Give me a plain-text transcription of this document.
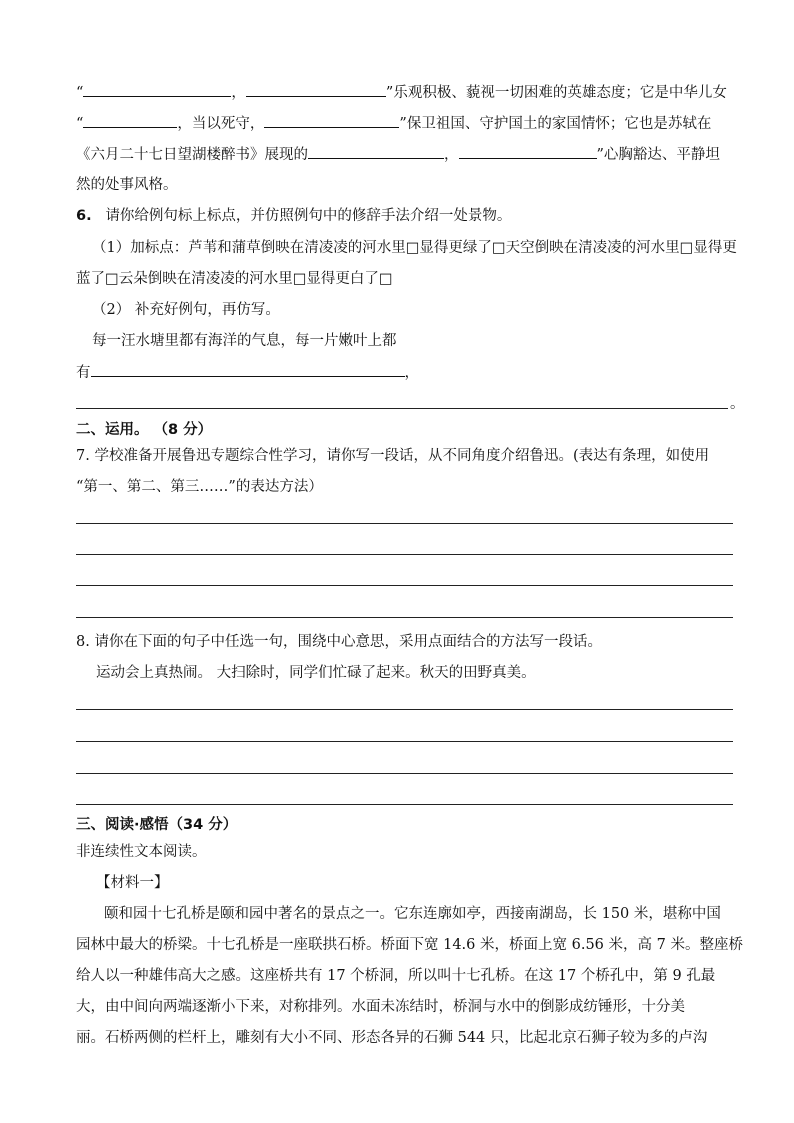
“	，	”乐观积极、藐视一切困难的英雄态度；它是中华儿女
“	，当以死守，	”保卫祖国、守护国土的家国情怀；它也是苏轼在
《六月二十七日望湖楼醉书》展现的	，	”心胸豁达、平静坦
然的处事风格。
6. 请你给例句标上标点，并仿照例句中的修辞手法介绍一处景物。
（1）加标点：芦苇和蒲草倒映在清凌凌的河水里□显得更绿了□天空倒映在清凌凌的河水里□显得更
蓝了□云朵倒映在清凌凌的河水里□显得更白了□
（2） 补充好例句，再仿写。
每一汪水塘里都有海洋的气息，每一片嫩叶上都
有	，
。
二、运用。 （8 分）
7. 学校准备开展鲁迅专题综合性学习，请你写一段话，从不同角度介绍鲁迅。(表达有条理，如使用
“第一、第二、第三……”的表达方法）
8. 请你在下面的句子中任选一句，围绕中心意思，采用点面结合的方法写一段话。
运动会上真热闹。 大扫除时，同学们忙碌了起来。秋天的田野真美。
三、阅读·感悟（34 分）
非连续性文本阅读。
【材料一】
颐和园十七孔桥是颐和园中著名的景点之一。它东连廓如亭，西接南湖岛，长 150 米，堪称中国
园林中最大的桥梁。十七孔桥是一座联拱石桥。桥面下宽 14.6 米，桥面上宽 6.56 米，高 7 米。整座桥
给人以一种雄伟高大之感。这座桥共有 17 个桥洞，所以叫十七孔桥。在这 17 个桥孔中，第 9 孔最
大，由中间向两端逐渐小下来，对称排列。水面未冻结时，桥洞与水中的倒影成纺锤形，十分美
丽。石桥两侧的栏杆上，雕刻有大小不同、形态各异的石狮 544 只，比起北京石狮子较为多的卢沟
